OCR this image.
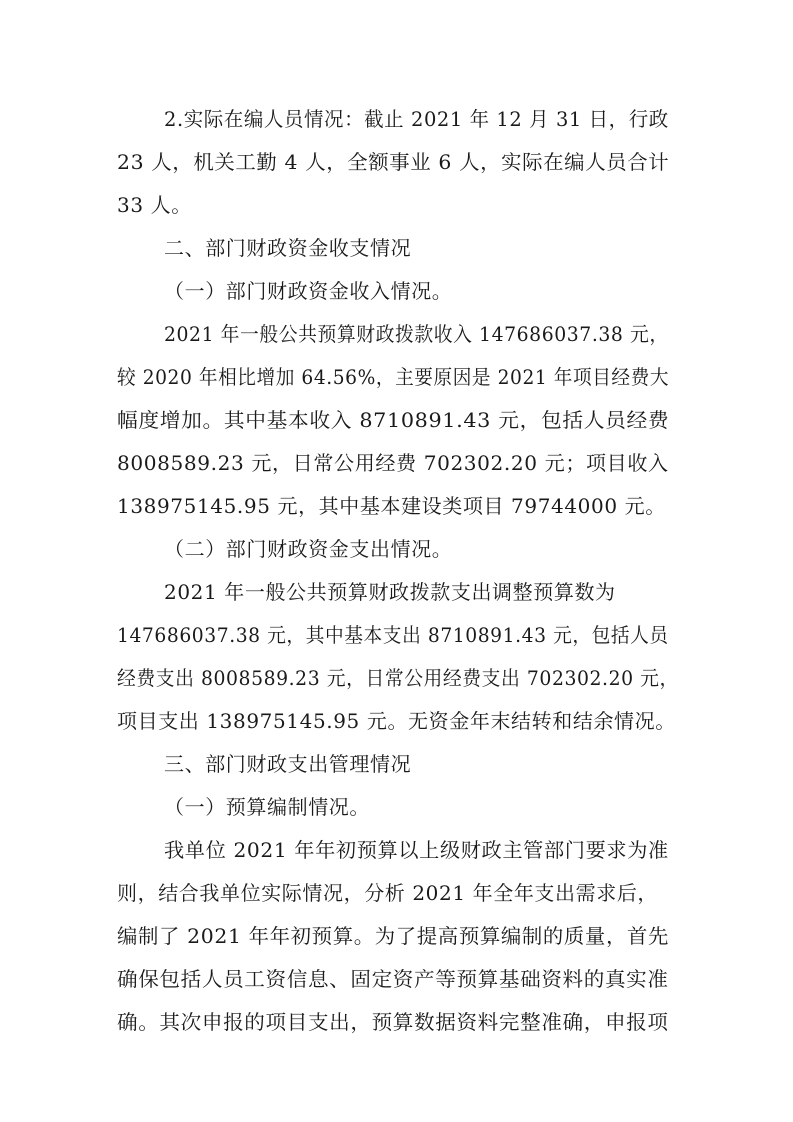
2.实际在编人员情况：截止 2021 年 12 月 31 日，行政
23 人，机关工勤 4 人，全额事业 6 人，实际在编人员合计
33 人。
二、部门财政资金收支情况
（一）部门财政资金收入情况。
2021 年一般公共预算财政拨款收入 147686037.38 元，
较 2020 年相比增加 64.56%，主要原因是 2021 年项目经费大
幅度增加。其中基本收入 8710891.43 元，包括人员经费
8008589.23 元，日常公用经费 702302.20 元；项目收入
138975145.95 元，其中基本建设类项目 79744000 元。
（二）部门财政资金支出情况。
2021 年一般公共预算财政拨款支出调整预算数为
147686037.38 元，其中基本支出 8710891.43 元，包括人员
经费支出 8008589.23 元，日常公用经费支出 702302.20 元，
项目支出 138975145.95 元。无资金年末结转和结余情况。
三、部门财政支出管理情况
（一）预算编制情况。
我单位 2021 年年初预算以上级财政主管部门要求为准
则，结合我单位实际情况，分析 2021 年全年支出需求后，
编制了 2021 年年初预算。为了提高预算编制的质量，首先
确保包括人员工资信息、固定资产等预算基础资料的真实准
确。其次申报的项目支出，预算数据资料完整准确，申报项
